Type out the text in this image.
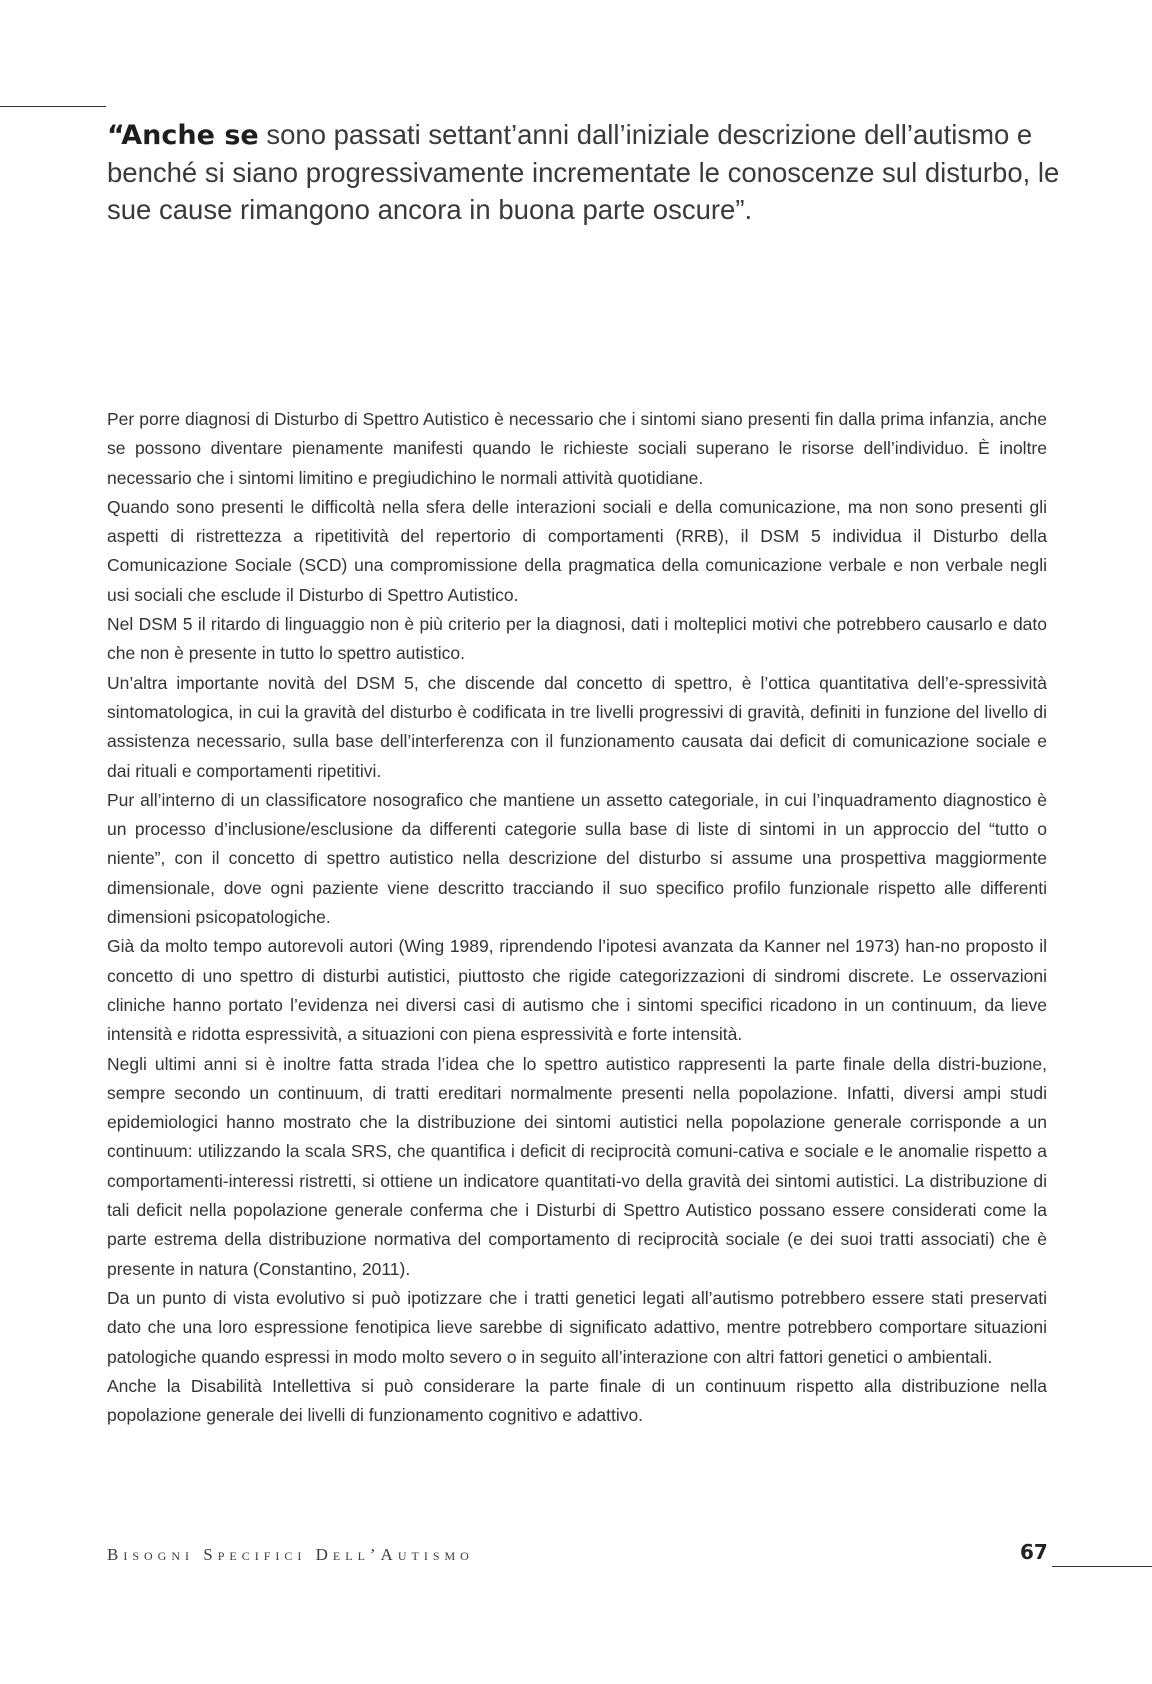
“Anche se sono passati settant’anni dall’iniziale descrizione dell’autismo e benché si siano progressivamente incrementate le conoscenze sul disturbo, le sue cause rimangono ancora in buona parte oscure”.

Per porre diagnosi di Disturbo di Spettro Autistico è necessario che i sintomi siano presenti fin dalla prima infanzia, anche se possono diventare pienamente manifesti quando le richieste sociali superano le risorse dell’individuo. È inoltre necessario che i sintomi limitino e pregiudichino le normali attività quotidiane.

Quando sono presenti le difficoltà nella sfera delle interazioni sociali e della comunicazione, ma non sono presenti gli aspetti di ristrettezza a ripetitività del repertorio di comportamenti (RRB), il DSM 5 individua il Disturbo della Comunicazione Sociale (SCD) una compromissione della pragmatica della comunicazione verbale e non verbale negli usi sociali che esclude il Disturbo di Spettro Autistico.

Nel DSM 5 il ritardo di linguaggio non è più criterio per la diagnosi, dati i molteplici motivi che potrebbero causarlo e dato che non è presente in tutto lo spettro autistico.

Un’altra importante novità del DSM 5, che discende dal concetto di spettro, è l’ottica quantitativa dell’e-spressività sintomatologica, in cui la gravità del disturbo è codificata in tre livelli progressivi di gravità, definiti in funzione del livello di assistenza necessario, sulla base dell’interferenza con il funzionamento causata dai deficit di comunicazione sociale e dai rituali e comportamenti ripetitivi.

Pur all’interno di un classificatore nosografico che mantiene un assetto categoriale, in cui l’inquadramento diagnostico è un processo d’inclusione/esclusione da differenti categorie sulla base di liste di sintomi in un approccio del “tutto o niente”, con il concetto di spettro autistico nella descrizione del disturbo si assume una prospettiva maggiormente dimensionale, dove ogni paziente viene descritto tracciando il suo specifico profilo funzionale rispetto alle differenti dimensioni psicopatologiche.

Già da molto tempo autorevoli autori (Wing 1989, riprendendo l’ipotesi avanzata da Kanner nel 1973) han-no proposto il concetto di uno spettro di disturbi autistici, piuttosto che rigide categorizzazioni di sindromi discrete. Le osservazioni cliniche hanno portato l’evidenza nei diversi casi di autismo che i sintomi specifici ricadono in un continuum, da lieve intensità e ridotta espressività, a situazioni con piena espressività e forte intensità.

Negli ultimi anni si è inoltre fatta strada l’idea che lo spettro autistico rappresenti la parte finale della distri-buzione, sempre secondo un continuum, di tratti ereditari normalmente presenti nella popolazione. Infatti, diversi ampi studi epidemiologici hanno mostrato che la distribuzione dei sintomi autistici nella popolazione generale corrisponde a un continuum: utilizzando la scala SRS, che quantifica i deficit di reciprocità comuni-cativa e sociale e le anomalie rispetto a comportamenti-interessi ristretti, si ottiene un indicatore quantitati-vo della gravità dei sintomi autistici. La distribuzione di tali deficit nella popolazione generale conferma che i Disturbi di Spettro Autistico possano essere considerati come la parte estrema della distribuzione normativa del comportamento di reciprocità sociale (e dei suoi tratti associati) che è presente in natura (Constantino, 2011).

Da un punto di vista evolutivo si può ipotizzare che i tratti genetici legati all’autismo potrebbero essere stati preservati dato che una loro espressione fenotipica lieve sarebbe di significato adattivo, mentre potrebbero comportare situazioni patologiche quando espressi in modo molto severo o in seguito all’interazione con altri fattori genetici o ambientali.

Anche la Disabilità Intellettiva si può considerare la parte finale di un continuum rispetto alla distribuzione nella popolazione generale dei livelli di funzionamento cognitivo e adattivo.

Bisogni Specifici Dell’Autismo	67
